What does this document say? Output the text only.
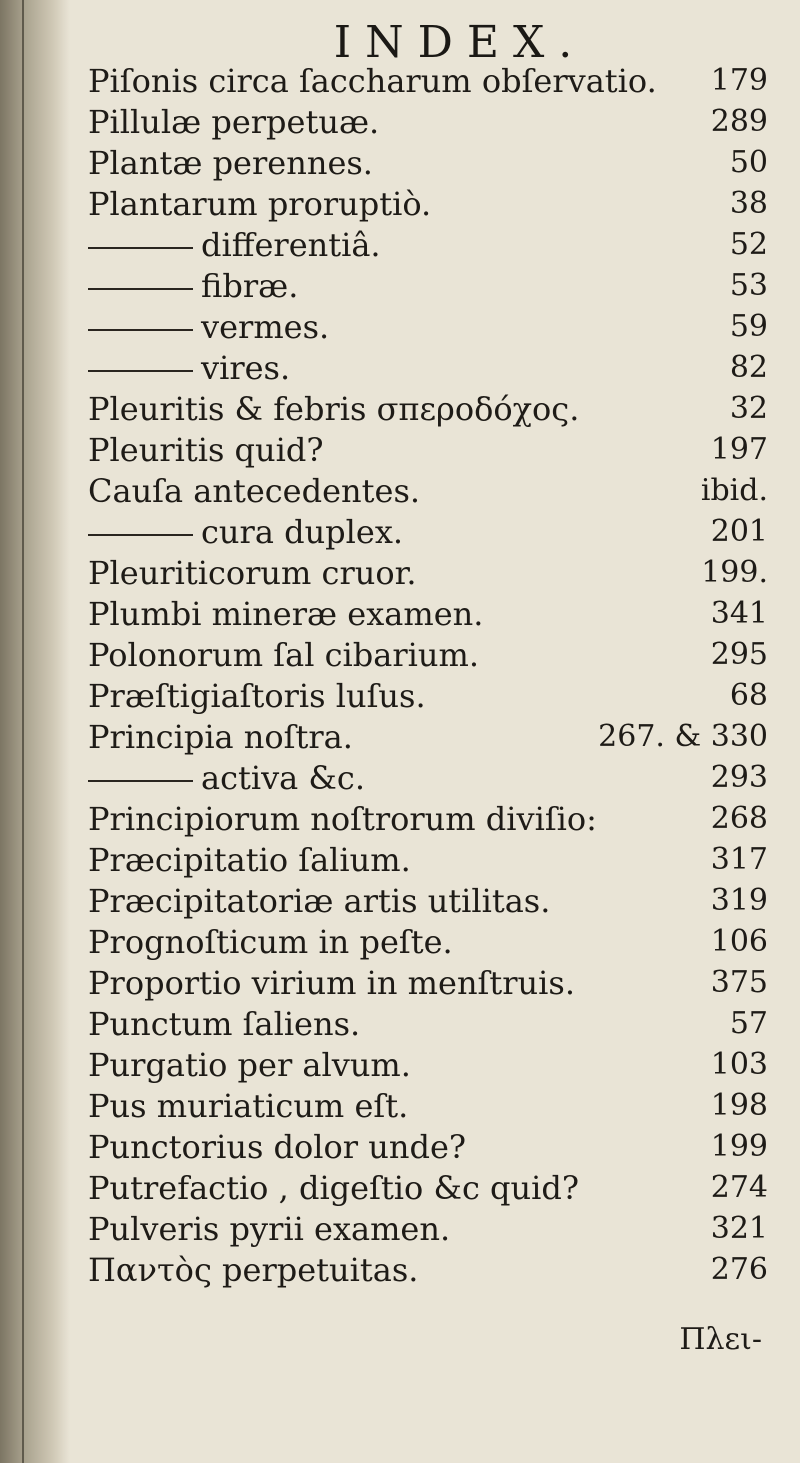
INDEX.
Piſonis circa ſaccharum obſervatio. 179
Pillulæ perpetuæ.	289
Plantæ perennes.	50
Plantarum proruptiò.	38
differentiâ.	52
fibræ.	53
vermes.	59
vires.	82
Pleuritis & febris σπεροδόχος.	32
Pleuritis quid?	197
Cauſa antecedentes.	ibid.
cura duplex.	201
Pleuriticorum cruor.	199.
Plumbi mineræ examen.	341
Polonorum ſal cibarium.	295
Præſtigiaſtoris luſus.	68
Principia noſtra.	267. & 330
activa &c.	293
Principiorum noſtrorum diviſio:	268
Præcipitatio ſalium.	317
Præcipitatoriæ artis utilitas.	319
Prognoſticum in peſte.	106
Proportio virium in menſtruis.	375
Punctum ſaliens.	57
Purgatio per alvum.	103
Pus muriaticum eſt.	198
Punctorius dolor unde?	199
Putrefactio , digeſtio &c quid?	274
Pulveris pyrii examen.	321
Παντὸς perpetuitas.	276
Πλει-
